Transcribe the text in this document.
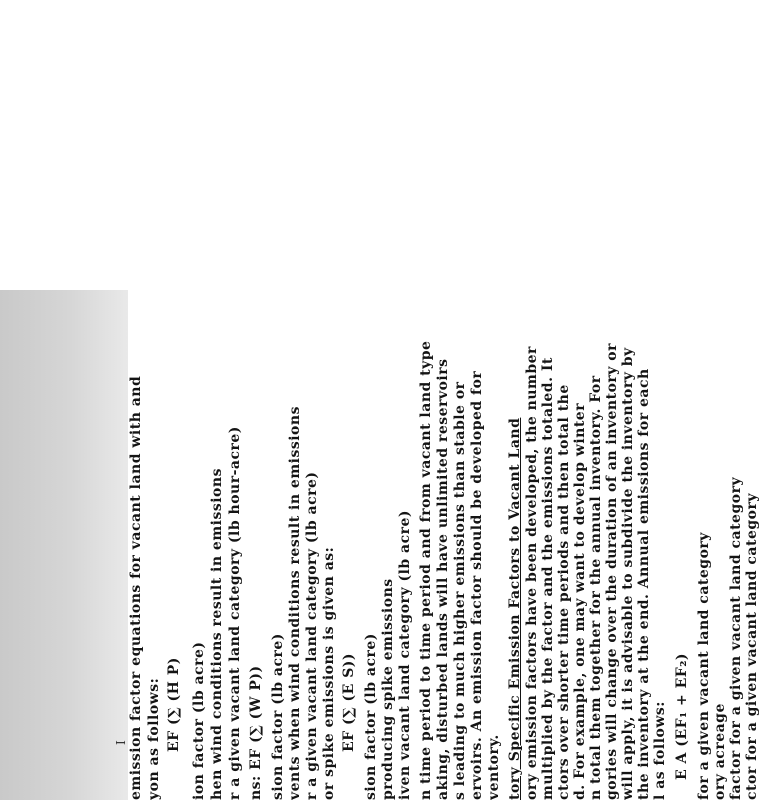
I emission factor equations for vacant land with and yon as follows: EF (∑ (H P) ion factor (lb acre) hen wind conditions result in emissions r a given vacant land category (lb hour-acre) ns: EF (∑ (W P)) sion factor (lb acre) vents when wind conditions result in emissions r a given vacant land category (lb acre) or spike emissions is given as: EF (∑ (E S)) sion factor (lb acre) producing spike emissions iven vacant land category (lb acre) n time period to time period and from vacant land type aking, disturbed lands will have unlimited reservoirs s leading to much higher emissions than stable or ervoirs. An emission factor should be developed for ventory. tory Specific Emission Factors to Vacant Land ory emission factors have been developed, the number multiplied by the factor and the emissions totaled. It ctors over shorter time periods and then total the d. For example, one may want to develop winter n total them together for the annual inventory. For gories will change over the duration of an inventory or will apply, it is advisable to subdivide the inventory by the inventory at the end. Annual emissions for each l as follows: E A (EF₁ + EF₂) for a given vacant land category ory acreage factor for a given vacant land category ctor for a given vacant land category
